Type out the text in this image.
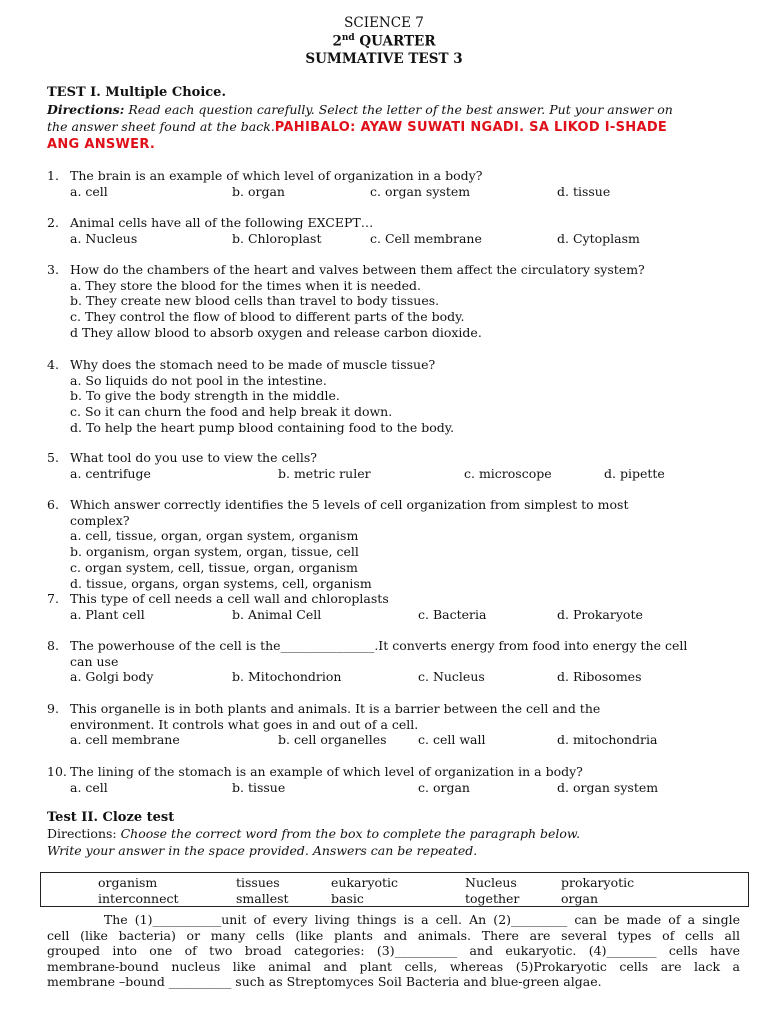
SCIENCE 7
2nd QUARTER
SUMMATIVE TEST 3
TEST I. Multiple Choice.
Directions: Read each question carefully. Select the letter of the best answer. Put your answer on
the answer sheet found at the back.PAHIBALO: AYAW SUWATI NGADI. SA LIKOD I-SHADE
ANG ANSWER.
1. The brain is an example of which level of organization in a body?
a. cell	b. organ	c. organ system	d. tissue
2. Animal cells have all of the following EXCEPT…
a. Nucleus	b. Chloroplast	c. Cell membrane	d. Cytoplasm
3. How do the chambers of the heart and valves between them affect the circulatory system?
a. They store the blood for the times when it is needed.
b. They create new blood cells than travel to body tissues.
c. They control the flow of blood to different parts of the body.
d They allow blood to absorb oxygen and release carbon dioxide.
4. Why does the stomach need to be made of muscle tissue?
a. So liquids do not pool in the intestine.
b. To give the body strength in the middle.
c. So it can churn the food and help break it down.
d. To help the heart pump blood containing food to the body.
5. What tool do you use to view the cells?
a. centrifuge	b. metric ruler	c. microscope	d. pipette
6. Which answer correctly identifies the 5 levels of cell organization from simplest to most
complex?
a. cell, tissue, organ, organ system, organism
b. organism, organ system, organ, tissue, cell
c. organ system, cell, tissue, organ, organism
d. tissue, organs, organ systems, cell, organism
7. This type of cell needs a cell wall and chloroplasts
a. Plant cell	b. Animal Cell	c. Bacteria	d. Prokaryote
8. The powerhouse of the cell is the_______________.It converts energy from food into energy the cell
can use
a. Golgi body	b. Mitochondrion	c. Nucleus	d. Ribosomes
9. This organelle is in both plants and animals. It is a barrier between the cell and the
environment. It controls what goes in and out of a cell.
a. cell membrane	b. cell organelles	c. cell wall	d. mitochondria
10. The lining of the stomach is an example of which level of organization in a body?
a. cell	b. tissue	c. organ	d. organ system
Test II. Cloze test
Directions: Choose the correct word from the box to complete the paragraph below.
Write your answer in the space provided. Answers can be repeated.
organism	tissues	eukaryotic	Nucleus	prokaryotic
interconnect	smallest	basic	together	organ
The (1)___________unit of every living things is a cell. An (2)_________ can be made of a single
cell (like bacteria) or many cells (like plants and animals. There are several types of cells all
grouped into one of two broad categories: (3)__________ and eukaryotic. (4)________ cells have
membrane-bound nucleus like animal and plant cells, whereas (5)Prokaryotic cells are lack a
membrane –bound __________ such as Streptomyces Soil Bacteria and blue-green algae.
